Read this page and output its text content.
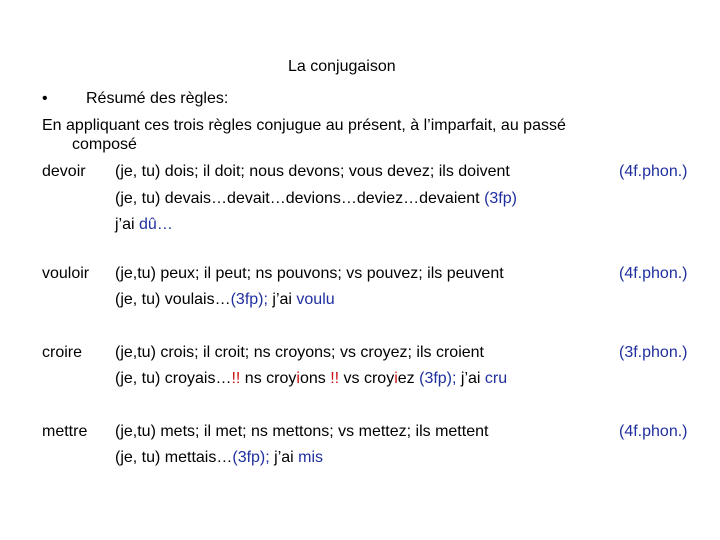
La conjugaison
• Résumé des règles:
En appliquant ces trois règles conjugue au présent, à l’imparfait, au passé
composé
devoir (je, tu) dois; il doit; nous devons; vous devez; ils doivent	(4f.phon.)
(je, tu) devais…devait…devions…deviez…devaient (3fp)
j’ai dû…
vouloir (je,tu) peux; il peut; ns pouvons; vs pouvez; ils peuvent	(4f.phon.)
(je, tu) voulais…(3fp); j’ai voulu
croire (je,tu) crois; il croit; ns croyons; vs croyez; ils croient	(3f.phon.)
(je, tu) croyais…!! ns croyions !! vs croyiez (3fp); j’ai cru
mettre (je,tu) mets; il met; ns mettons; vs mettez; ils mettent	(4f.phon.)
(je, tu) mettais…(3fp); j’ai mis
